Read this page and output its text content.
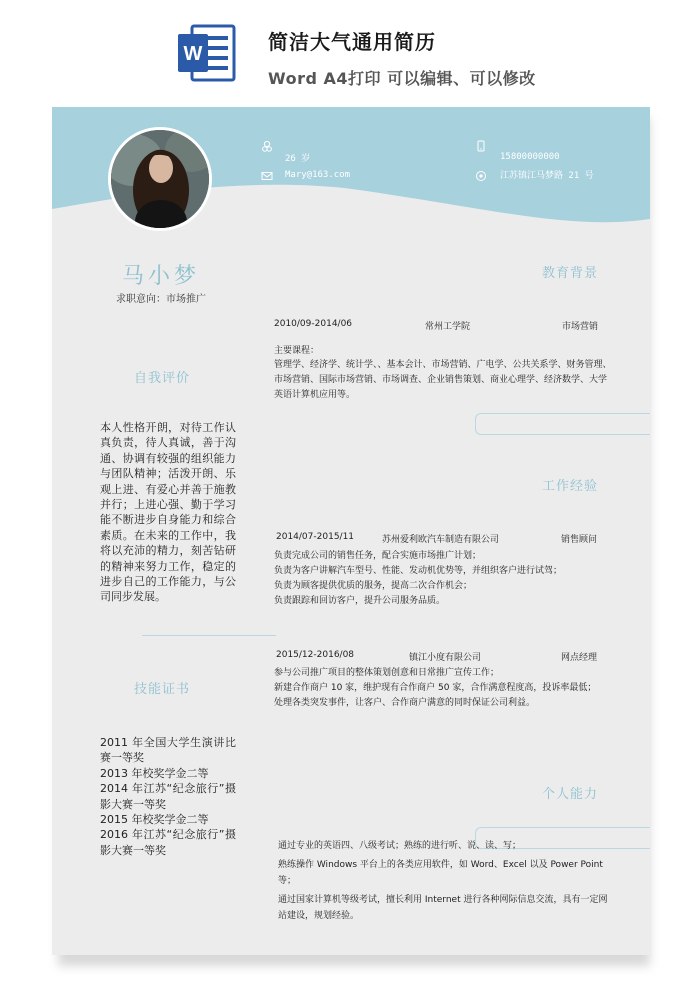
W	简洁大气通用简历
Word A4打印 可以编辑、可以修改
26 岁
Mary@163.com
15800000000
江苏镇江马梦路 21 号
马小梦
求职意向：市场推广
自我评价
本人性格开朗，对待工作认真负责，待人真诚，善于沟通、协调有较强的组织能力与团队精神；活泼开朗、乐观上进、有爱心并善于施教并行；上进心强、勤于学习能不断进步自身能力和综合素质。在未来的工作中，我将以充沛的精力，刻苦钻研的精神来努力工作，稳定的进步自己的工作能力，与公司同步发展。
技能证书
2011 年全国大学生演讲比赛一等奖
2013 年校奖学金二等
2014 年江苏“纪念旅行”摄影大赛一等奖
2015 年校奖学金二等
2016 年江苏“纪念旅行”摄影大赛一等奖
教育背景
2010/09-2014/06	常州工学院	市场营销
主要课程：
管理学、经济学、统计学、、基本会计、市场营销、广电学、公共关系学、财务管理、市场营销、国际市场营销、市场调查、企业销售策划、商业心理学、经济数学、大学英语计算机应用等。
工作经验
2014/07-2015/11	苏州爱利欧汽车制造有限公司	销售顾问
负责完成公司的销售任务，配合实施市场推广计划；
负责为客户讲解汽车型号、性能、发动机优势等，并组织客户进行试驾；
负责为顾客提供优质的服务，提高二次合作机会；
负责跟踪和回访客户，提升公司服务品质。
2015/12-2016/08	镇江小度有限公司	网点经理
参与公司推广项目的整体策划创意和日常推广宣传工作；
新建合作商户 10 家，维护现有合作商户 50 家，合作满意程度高，投诉率最低；
处理各类突发事件，让客户、合作商户满意的同时保证公司利益。
个人能力
通过专业的英语四、八级考试；熟练的进行听、说、读、写；
熟练操作 Windows 平台上的各类应用软件，如 Word、Excel 以及 Power Point 等；
通过国家计算机等级考试，擅长利用 Internet 进行各种网际信息交流，具有一定网站建设，规划经验。
